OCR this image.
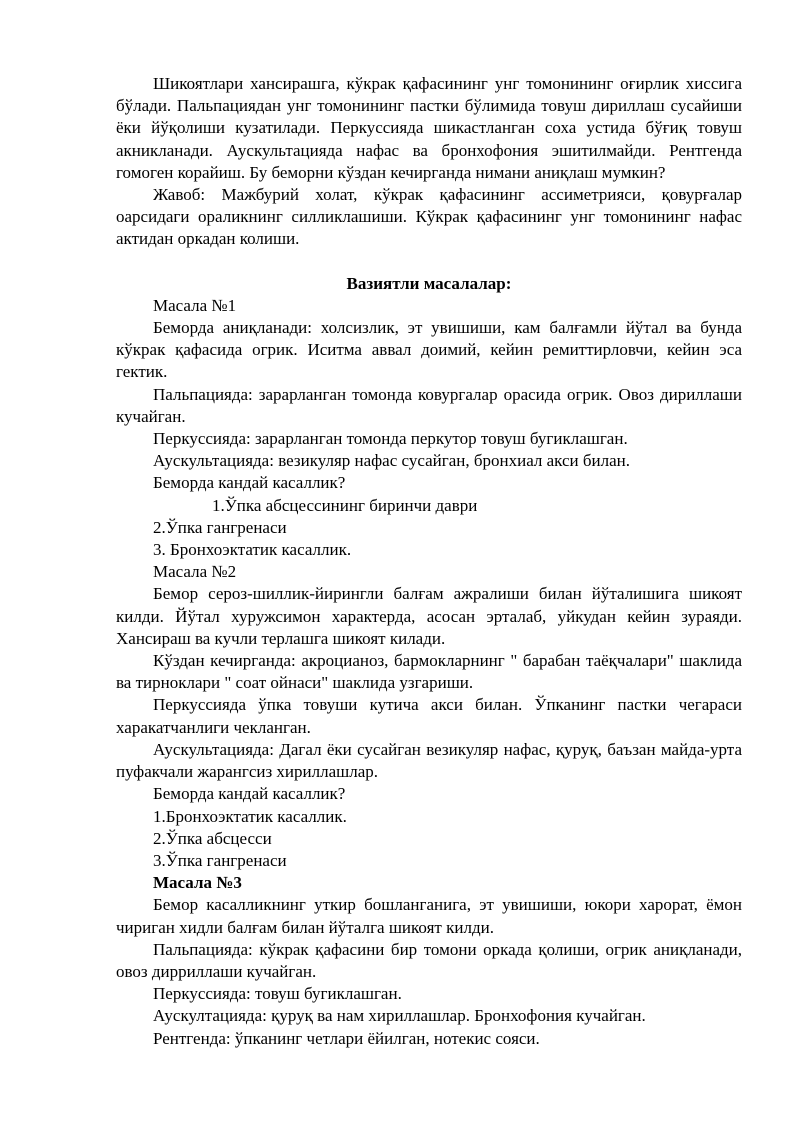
Шикоятлари хансирашга, кўкрак қафасининг унг томонининг оғирлик хиссига бўлади. Пальпациядан унг томонининг пастки бўлимида товуш дириллаш сусайиши ёки йўқолиши кузатилади. Перкуссияда шикастланган соха устида бўғиқ товуш акникланади. Аускультацияда нафас ва бронхофония эшитилмайди. Рентгенда гомоген корайиш. Бу беморни кўздан кечирганда нимани аниқлаш мумкин?

Жавоб: Мажбурий холат, кўкрак қафасининг ассиметрияси, қовурғалар оарсидаги ораликнинг силликлашиши. Кўкрак қафасининг унг томонининг нафас актидан оркадан колиши.

Вазиятли масалалар:

Масала №1

Беморда аниқланади: холсизлик, эт увишиши, кам балғамли йўтал ва бунда кўкрак қафасида огрик. Иситма аввал доимий, кейин ремиттирловчи, кейин эса гектик.

Пальпацияда: зарарланган томонда ковургалар орасида огрик. Овоз дириллаши кучайган.

Перкуссияда: зарарланган томонда перкутор товуш бугиклашган.

Аускультацияда: везикуляр нафас сусайган, бронхиал акси билан.

Беморда кандай касаллик?

1.Ўпка абсцессининг биринчи даври

2.Ўпка гангренаси

3. Бронхоэктатик касаллик.

Масала №2

Бемор сероз-шиллик-йирингли балғам ажралиши билан йўталишига шикоят килди. Йўтал хуружсимон характерда, асосан эрталаб, уйкудан кейин зураяди. Хансираш ва кучли терлашга шикоят килади.

Кўздан кечирганда: акроцианоз, бармокларнинг " барабан таёқчалари" шаклида ва тирноклари " соат ойнаси" шаклида узгариши.

Перкуссияда ўпка товуши кутича акси билан. Ўпканинг пастки чегараси харакатчанлиги чекланган.

Аускультацияда: Дагал ёки сусайган везикуляр нафас, қуруқ, баъзан майда-урта пуфакчали жарангсиз хириллашлар.

Беморда кандай касаллик?

1.Бронхоэктатик касаллик.

2.Ўпка абсцесси

3.Ўпка гангренаси

Масала №3

Бемор касалликнинг уткир бошланганига, эт увишиши, юкори харорат, ёмон чириган хидли балғам билан йўталга шикоят килди.

Пальпацияда: кўкрак қафасини бир томони оркада қолиши, огрик аниқланади, овоз дирриллаши кучайган.

Перкуссияда: товуш бугиклашган.

Аускултацияда: қуруқ ва нам хириллашлар. Бронхофония кучайган.

Рентгенда: ўпканинг четлари ёйилган, нотекис сояси.
